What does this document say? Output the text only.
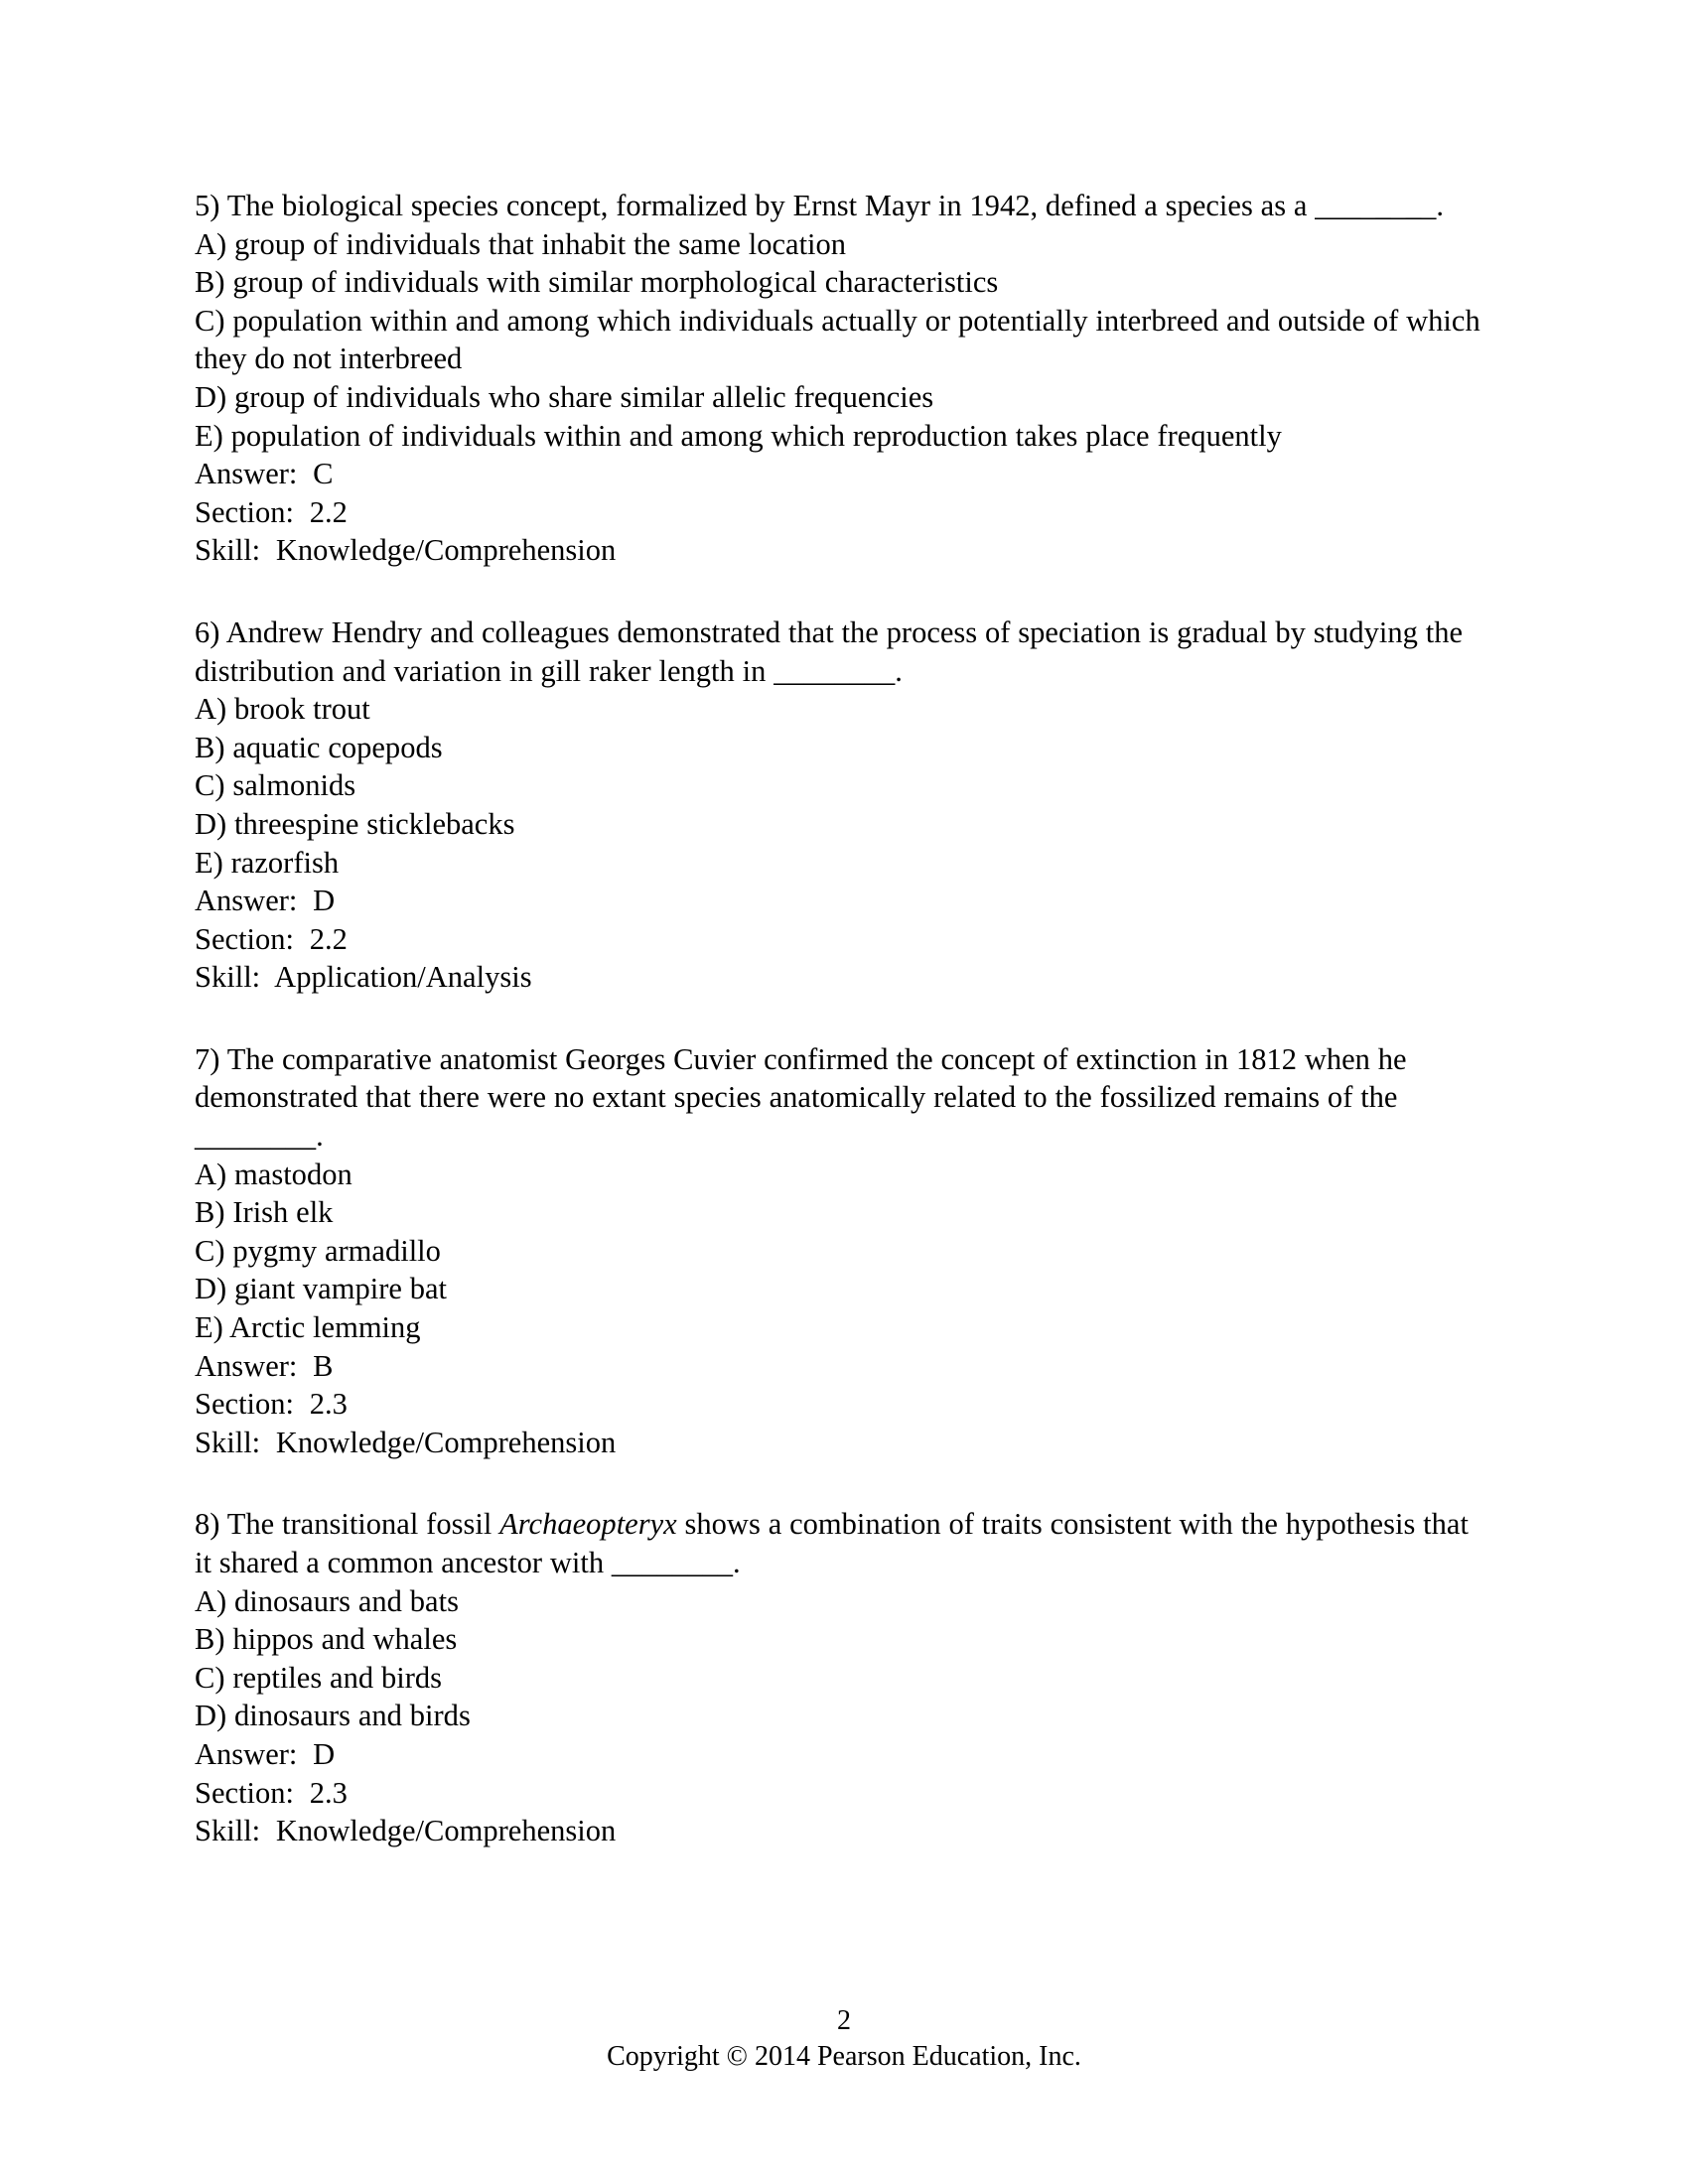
5) The biological species concept, formalized by Ernst Mayr in 1942, defined a species as a ________.
A) group of individuals that inhabit the same location
B) group of individuals with similar morphological characteristics
C) population within and among which individuals actually or potentially interbreed and outside of which they do not interbreed
D) group of individuals who share similar allelic frequencies
E) population of individuals within and among which reproduction takes place frequently
Answer:  C
Section:  2.2
Skill:  Knowledge/Comprehension
6) Andrew Hendry and colleagues demonstrated that the process of speciation is gradual by studying the distribution and variation in gill raker length in ________.
A) brook trout
B) aquatic copepods
C) salmonids
D) threespine sticklebacks
E) razorfish
Answer:  D
Section:  2.2
Skill:  Application/Analysis
7) The comparative anatomist Georges Cuvier confirmed the concept of extinction in 1812 when he demonstrated that there were no extant species anatomically related to the fossilized remains of the ________.
A) mastodon
B) Irish elk
C) pygmy armadillo
D) giant vampire bat
E) Arctic lemming
Answer:  B
Section:  2.3
Skill:  Knowledge/Comprehension
8) The transitional fossil Archaeopteryx shows a combination of traits consistent with the hypothesis that it shared a common ancestor with ________.
A) dinosaurs and bats
B) hippos and whales
C) reptiles and birds
D) dinosaurs and birds
Answer:  D
Section:  2.3
Skill:  Knowledge/Comprehension
2
Copyright © 2014 Pearson Education, Inc.
